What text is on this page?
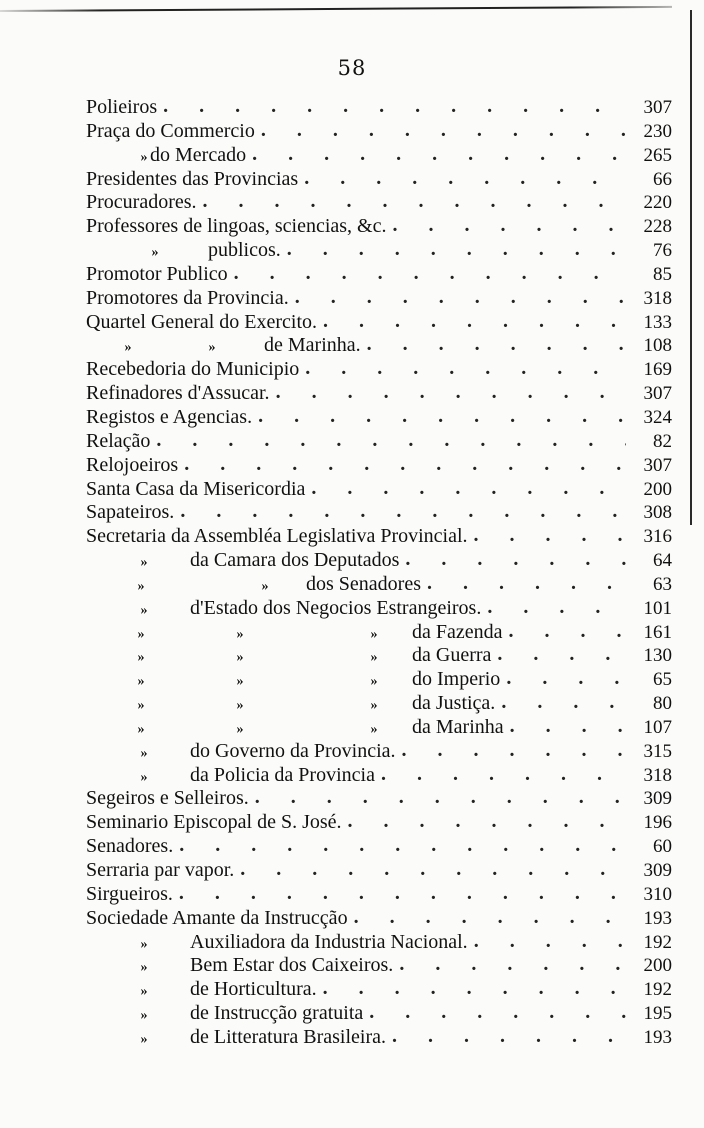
58
Polieiros . . .	307
Praça do Commercio . . .	230
» do Mercado . . .	265
Presidentes das Provincias . . .	66
Procuradores. . . .	220
Professores de lingoas, sciencias, &c. . . .	228
» publicos. . . .	76
Promotor Publico . . .	85
Promotores da Provincia. . . .	318
Quartel General do Exercito. . . .	133
»	» de Marinha. . . .	108
Recebedoria do Municipio . . .	169
Refinadores d'Assucar. . . .	307
Registos e Agencias. . . .	324
Relação . . .	82
Relojoeiros . . .	307
Santa Casa da Misericordia . . .	200
Sapateiros. . . .	308
Secretaria da Assembléa Legislativa Provincial. . . .	316
» da Camara dos Deputados . . .	64
»	» dos Senadores . . .	63
» d'Estado dos Negocios Estrangeiros. . . .	101
»	»	» da Fazenda . . .	161
»	»	» da Guerra . . .	130
»	»	» do Imperio . . .	65
»	»	» da Justiça. . . .	80
»	»	» da Marinha . . .	107
» do Governo da Provincia. . . .	315
» da Policia da Provincia . . .	318
Segeiros e Selleiros. . . .	309
Seminario Episcopal de S. José. . . .	196
Senadores. . . .	60
Serraria par vapor. . . .	309
Sirgueiros. . . .	310
Sociedade Amante da Instrucção . . .	193
» Auxiliadora da Industria Nacional. . . .	192
» Bem Estar dos Caixeiros. . . .	200
» de Horticultura. . . .	192
» de Instrucção gratuita . . .	195
» de Litteratura Brasileira. . . .	193
